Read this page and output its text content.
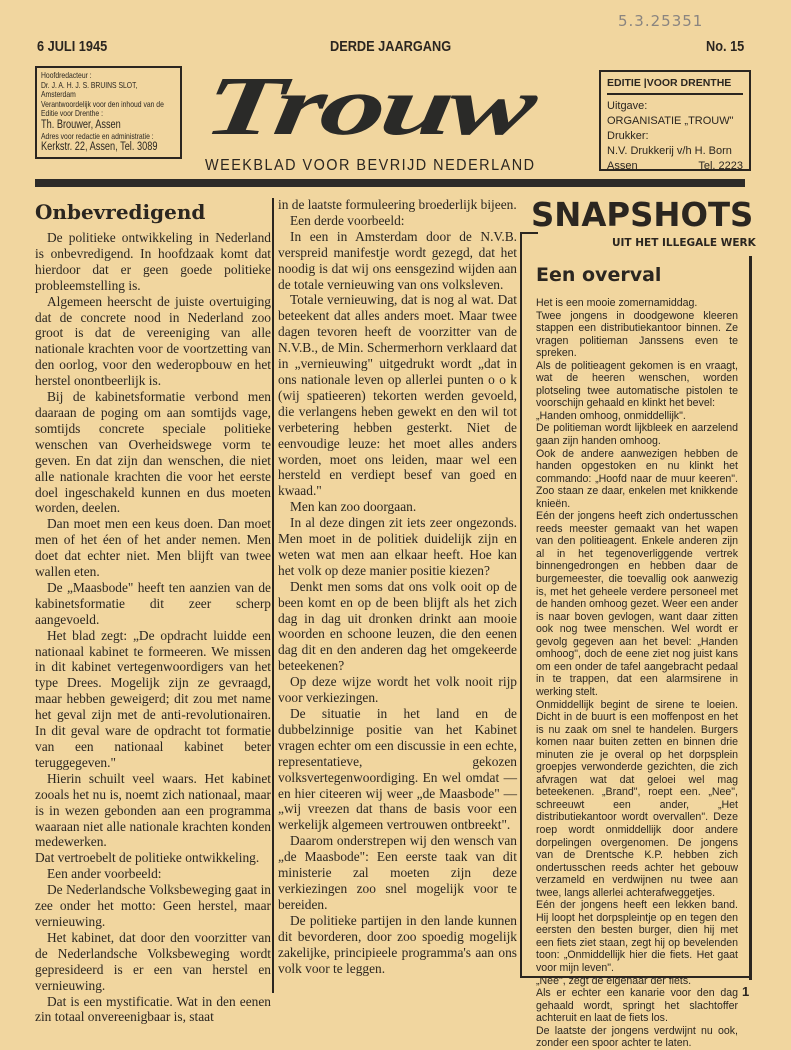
5.3.25351
6 JULI 1945	DERDE JAARGANG	No. 15
Hoofdredacteur :
Dr. J. A. H. J. S. BRUINS SLOT,
Amsterdam
Verantwoordelijk voor den inhoud van de Editie voor Drenthe :
Th. Brouwer, Assen
Adres voor redactie en administratie :
Kerkstr. 22, Assen, Tel. 3089 Trouw
WEEKBLAD VOOR BEVRIJD NEDERLAND
EDITIE |VOOR DRENTHE
Uitgave:
ORGANISATIE „TROUW"
Drukker:
N.V. Drukkerij v/h H. Born
Assen	Tel. 2223
Onbevredigend

De politieke ontwikkeling in Nederland is onbevredigend. In hoofdzaak komt dat hierdoor dat er geen goede politieke probleemstelling is.

Algemeen heerscht de juiste overtuiging dat de concrete nood in Nederland zoo groot is dat de vereeniging van alle nationale krachten voor de voortzetting van den oorlog, voor den wederopbouw en het herstel onontbeerlijk is.

Bij de kabinetsformatie verbond men daaraan de poging om aan somtijds vage, somtijds concrete speciale politieke wenschen van Overheidswege vorm te geven. En dat zijn dan wenschen, die niet alle nationale krachten die voor het eerste doel ingeschakeld kunnen en dus moeten worden, deelen.

Dan moet men een keus doen. Dan moet men of het éen of het ander nemen. Men doet dat echter niet. Men blijft van twee wallen eten.

De „Maasbode" heeft ten aanzien van de kabinetsformatie dit zeer scherp aangevoeld.

Het blad zegt: „De opdracht luidde een nationaal kabinet te formeeren. We missen in dit kabinet vertegenwoordigers van het type Drees. Mogelijk zijn ze gevraagd, maar hebben geweigerd; dit zou met name het geval zijn met de anti-revolutionairen. In dit geval ware de opdracht tot formatie van een nationaal kabinet beter teruggegeven."

Hierin schuilt veel waars. Het kabinet zooals het nu is, noemt zich nationaal, maar is in wezen gebonden aan een programma waaraan niet alle nationale krachten konden medewerken.

Dat vertroebelt de politieke ontwikkeling.

Een ander voorbeeld:

De Nederlandsche Volksbeweging gaat in zee onder het motto: Geen herstel, maar vernieuwing.

Het kabinet, dat door den voorzitter van de Nederlandsche Volksbeweging wordt gepresideerd is er een van herstel en vernieuwing.

Dat is een mystificatie. Wat in den eenen zin totaal onvereenigbaar is, staat

in de laatste formuleering broederlijk bijeen.

Een derde voorbeeld:

In een in Amsterdam door de N.V.B. verspreid manifestje wordt gezegd, dat het noodig is dat wij ons eensgezind wijden aan de totale vernieuwing van ons volksleven.

Totale vernieuwing, dat is nog al wat. Dat beteekent dat alles anders moet. Maar twee dagen tevoren heeft de voorzitter van de N.V.B., de Min. Schermerhorn verklaard dat in „vernieuwing" uitgedrukt wordt „dat in ons nationale leven op allerlei punten o o k (wij spatieeren) tekorten werden gevoeld, die verlangens heben gewekt en den wil tot verbetering hebben gesterkt. Niet de eenvoudige leuze: het moet alles anders worden, moet ons leiden, maar wel een hersteld en verdiept besef van goed en kwaad."

Men kan zoo doorgaan.

In al deze dingen zit iets zeer ongezonds. Men moet in de politiek duidelijk zijn en weten wat men aan elkaar heeft. Hoe kan het volk op deze manier positie kiezen?

Denkt men soms dat ons volk ooit op de been komt en op de been blijft als het zich dag in dag uit dronken drinkt aan mooie woorden en schoone leuzen, die den eenen dag dit en den anderen dag het omgekeerde beteekenen?

Op deze wijze wordt het volk nooit rijp voor verkiezingen.

De situatie in het land en de dubbelzinnige positie van het Kabinet vragen echter om een discussie in een echte, representatieve, gekozen volksvertegenwoordiging. En wel omdat — en hier citeeren wij weer „de Maasbode" — „wij vreezen dat thans de basis voor een werkelijk algemeen vertrouwen ontbreekt".

Daarom onderstrepen wij den wensch van „de Maasbode": Een eerste taak van dit ministerie zal moeten zijn deze verkiezingen zoo snel mogelijk voor te bereiden.

De politieke partijen in den lande kunnen dit bevorderen, door zoo spoedig mogelijk zakelijke, principieele programma's aan ons volk voor te leggen.

SNAPSHOTS
UIT HET ILLEGALE WERK
Een overval

Het is een mooie zomernamiddag.

Twee jongens in doodgewone kleeren stappen een distributiekantoor binnen. Ze vragen politieman Janssens even te spreken.

Als de politieagent gekomen is en vraagt, wat de heeren wenschen, worden plotseling twee automatische pistolen te voorschijn gehaald en klinkt het bevel:

„Handen omhoog, onmiddellijk".

De politieman wordt lijkbleek en aarzelend gaan zijn handen omhoog.

Ook de andere aanwezigen hebben de handen opgestoken en nu klinkt het commando: „Hoofd naar de muur keeren". Zoo staan ze daar, enkelen met knikkende knieën.

Eén der jongens heeft zich ondertusschen reeds meester gemaakt van het wapen van den politieagent. Enkele anderen zijn al in het tegenoverliggende vertrek binnengedrongen en hebben daar de burgemeester, die toevallig ook aanwezig is, met het geheele verdere personeel met de handen omhoog gezet. Weer een ander is naar boven gevlogen, want daar zitten ook nog twee menschen. Wel wordt er gevolg gegeven aan het bevel: „Handen omhoog", doch de eene ziet nog juist kans om een onder de tafel aangebracht pedaal in te trappen, dat een alarmsirene in werking stelt.

Onmiddellijk begint de sirene te loeien. Dicht in de buurt is een moffenpost en het is nu zaak om snel te handelen. Burgers komen naar buiten zetten en binnen drie minuten zie je overal op het dorpsplein groepjes verwonderde gezichten, die zich afvragen wat dat geloei wel mag beteekenen. „Brand", roept een. „Nee", schreeuwt een ander, „Het distributiekantoor wordt overvallen". Deze roep wordt onmiddellijk door andere dorpelingen overgenomen. De jongens van de Drentsche K.P. hebben zich ondertusschen reeds achter het gebouw verzameld en verdwijnen nu twee aan twee, langs allerlei achterafweggetjes.

Eén der jongens heeft een lekken band. Hij loopt het dorpspleintje op en tegen den eersten den besten burger, dien hij met een fiets ziet staan, zegt hij op bevelenden toon: „Onmiddellijk hier die fiets. Het gaat voor mijn leven".

„Nee", zegt de eigenaar der fiets.

Als er echter een kanarie voor den dag gehaald wordt, springt het slachtoffer achteruit en laat de fiets los.

De laatste der jongens verdwijnt nu ook, zonder een spoor achter te laten.

1
